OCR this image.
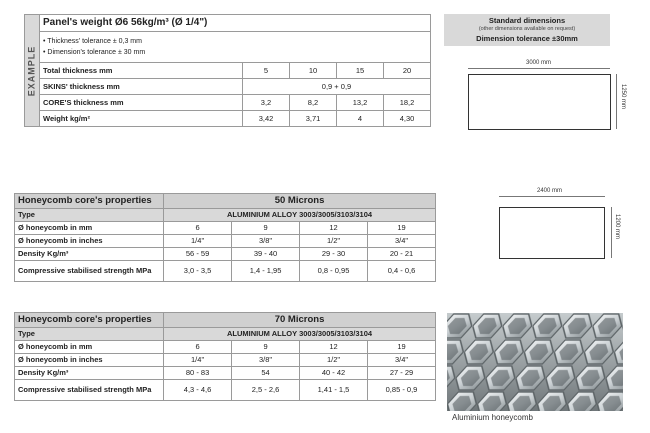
EXAMPLE	Panel's weight Ø6 56kg/m³ (Ø 1/4")				
	• Thickness' tolerance ± 0,3 mm
• Dimension's tolerance ± 30 mm				
	Total thickness mm	5	10	15	20
	SKINS' thickness mm	0,9 + 0,9			
	CORE'S thickness mm	3,2	8,2	13,2	18,2
	Weight kg/m²	3,42	3,71	4	4,30
Standard dimensions
(other dimensions available on request)
Dimension tolerance ±30mm
3000 mm
1250 mm
2400 mm
1200 mm
Honeycomb core's properties	50 Microns			
Type	ALUMINIUM ALLOY 3003/3005/3103/3104			
Ø honeycomb in mm	6	9	12	19
Ø honeycomb in inches	1/4"	3/8"	1/2"	3/4"
Density Kg/m³	56 - 59	39 - 40	29 - 30	20 - 21
Compressive stabilised strength MPa	3,0 - 3,5	1,4 - 1,95	0,8 - 0,95	0,4 - 0,6
Honeycomb core's properties	70 Microns			
Type	ALUMINIUM ALLOY 3003/3005/3103/3104			
Ø honeycomb in mm	6	9	12	19
Ø honeycomb in inches	1/4"	3/8"	1/2"	3/4"
Density Kg/m³	80 - 83	54	40 - 42	27 - 29
Compressive stabilised strength MPa	4,3 - 4,6	2,5 - 2,6	1,41 - 1,5	0,85 - 0,9
Aluminium honeycomb
